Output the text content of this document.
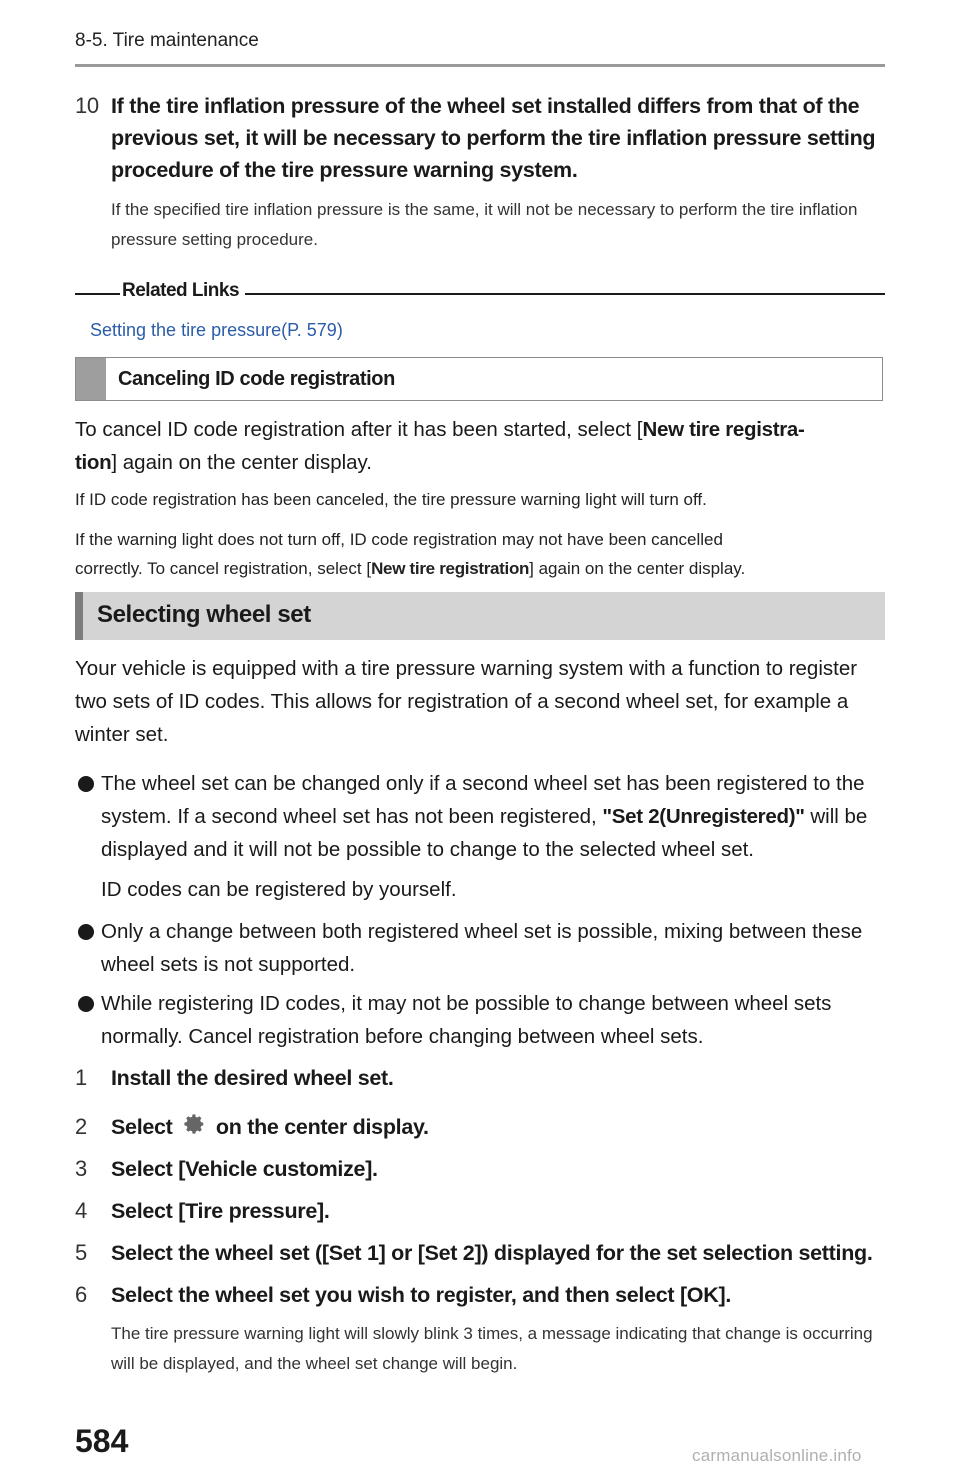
8-5. Tire maintenance
10 If the tire inflation pressure of the wheel set installed differs from that of the previous set, it will be necessary to perform the tire inflation pressure setting procedure of the tire pressure warning system.
If the specified tire inflation pressure is the same, it will not be necessary to perform the tire inflation pressure setting procedure.
Related Links
Setting the tire pressure(P. 579)
Canceling ID code registration
To cancel ID code registration after it has been started, select [New tire registra-
tion] again on the center display.
If ID code registration has been canceled, the tire pressure warning light will turn off.
If the warning light does not turn off, ID code registration may not have been cancelled
correctly. To cancel registration, select [New tire registration] again on the center display.
Selecting wheel set
Your vehicle is equipped with a tire pressure warning system with a function to register two sets of ID codes. This allows for registration of a second wheel set, for example a winter set.
The wheel set can be changed only if a second wheel set has been registered to the system. If a second wheel set has not been registered, "Set 2(Unregistered)" will be displayed and it will not be possible to change to the selected wheel set.
ID codes can be registered by yourself.
Only a change between both registered wheel set is possible, mixing between these wheel sets is not supported.
While registering ID codes, it may not be possible to change between wheel sets normally. Cancel registration before changing between wheel sets.
1 Install the desired wheel set.
2 Select  on the center display.
3 Select [Vehicle customize].
4 Select [Tire pressure].
5 Select the wheel set ([Set 1] or [Set 2]) displayed for the set selection setting.
6 Select the wheel set you wish to register, and then select [OK].
The tire pressure warning light will slowly blink 3 times, a message indicating that change is occurring will be displayed, and the wheel set change will begin.
584	carmanualsonline.info
